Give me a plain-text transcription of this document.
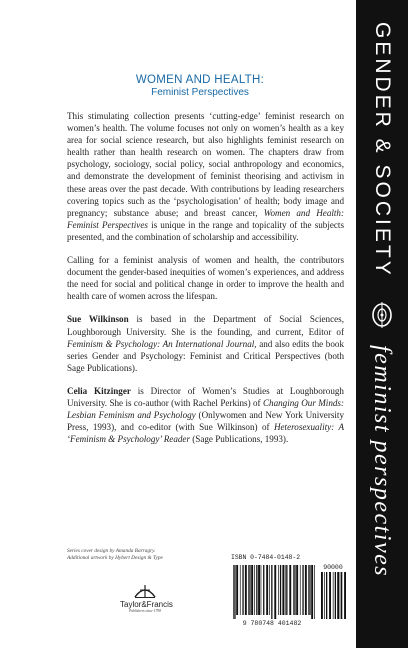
GENDER & SOCIETY
feminist perspectives
WOMEN AND HEALTH:
Feminist Perspectives

This stimulating collection presents ‘cutting-edge’ feminist research on women’s health. The volume focuses not only on women’s health as a key area for social science research, but also highlights feminist research on health rather than health research on women. The chapters draw from psychology, sociology, social policy, social anthropology and economics, and demonstrate the development of feminist theorising and activism in these areas over the past decade. With contributions by leading researchers covering topics such as the ‘psychologisation’ of health; body image and pregnancy; substance abuse; and breast cancer, Women and Health: Feminist Perspectives is unique in the range and topicality of the subjects presented, and the combination of scholarship and accessibility.

Calling for a feminist analysis of women and health, the contributors document the gender-based inequities of women’s experiences, and address the need for social and political change in order to improve the health and health care of women across the lifespan.

Sue Wilkinson is based in the Department of Social Sciences, Loughborough University. She is the founding, and current, Editor of Feminism & Psychology: An International Journal, and also edits the book series Gender and Psychology: Feminist and Critical Perspectives (both Sage Publications).

Celia Kitzinger is Director of Women’s Studies at Loughborough University. She is co-author (with Rachel Perkins) of Changing Our Minds: Lesbian Feminism and Psychology (Onlywomen and New York University Press, 1993), and co-editor (with Sue Wilkinson) of Heterosexuality: A ‘Feminism & Psychology’ Reader (Sage Publications, 1993).

Series cover design by Amanda Barragry.
Additional artwork by Hybert Design & Type
Taylor&Francis
Publishers since 1798
ISBN 0-7484-0148-2
90000
9 780748 401482
